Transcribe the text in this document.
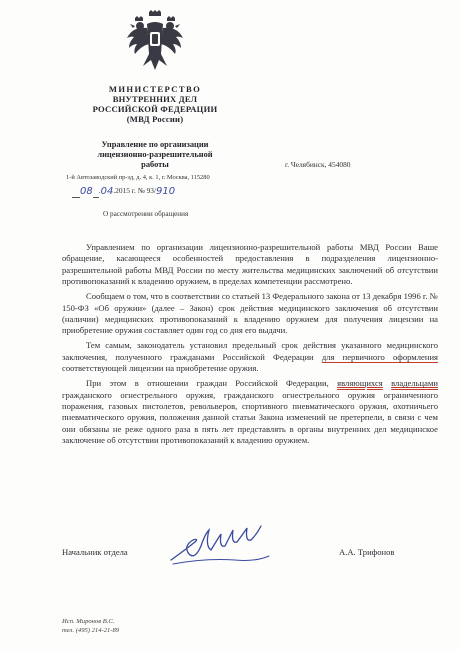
МИНИСТЕРСТВО
ВНУТРЕННИХ ДЕЛ
РОССИЙСКОЙ ФЕДЕРАЦИИ
(МВД России)
Управление по организации
лицензионно-разрешительной
работы
1-й Автозаводский пр-зд, д. 4, к. 1, г. Москва, 115280
08 .04.2015 г. № 93/910
О рассмотрении обращения
г. Челябинск, 454080

Управлением по организации лицензионно-разрешительной работы МВД России Ваше обращение, касающееся особенностей предоставления в подразделения лицензионно-разрешительной работы МВД России по месту жительства медицинских заключений об отсутствии противопоказаний к владению оружием, в пределах компетенции рассмотрено.

Сообщаем о том, что в соответствии со статьей 13 Федерального закона от 13 декабря 1996 г. № 150-ФЗ «Об оружии» (далее – Закон) срок действия медицинского заключения об отсутствии (наличии) медицинских противопоказаний к владению оружием для получения лицензии на приобретение оружия составляет один год со дня его выдачи.

Тем самым, законодатель установил предельный срок действия указанного медицинского заключения, полученного гражданами Российской Федерации для первичного оформления соответствующей лицензии на приобретение оружия.

При этом в отношении граждан Российской Федерации, являющихся владельцами гражданского огнестрельного оружия, гражданского огнестрельного оружия ограниченного поражения, газовых пистолетов, револьверов, спортивного пневматического оружия, охотничьего пневматического оружия, положения данной статьи Закона изменений не претерпели, в связи с чем они обязаны не реже одного раза в пять лет представлять в органы внутренних дел медицинское заключение об отсутствии противопоказаний к владению оружием.

Начальник отдела	А.А. Трифонов
Исп. Миронов В.С.
тел. (495) 214-21-89
